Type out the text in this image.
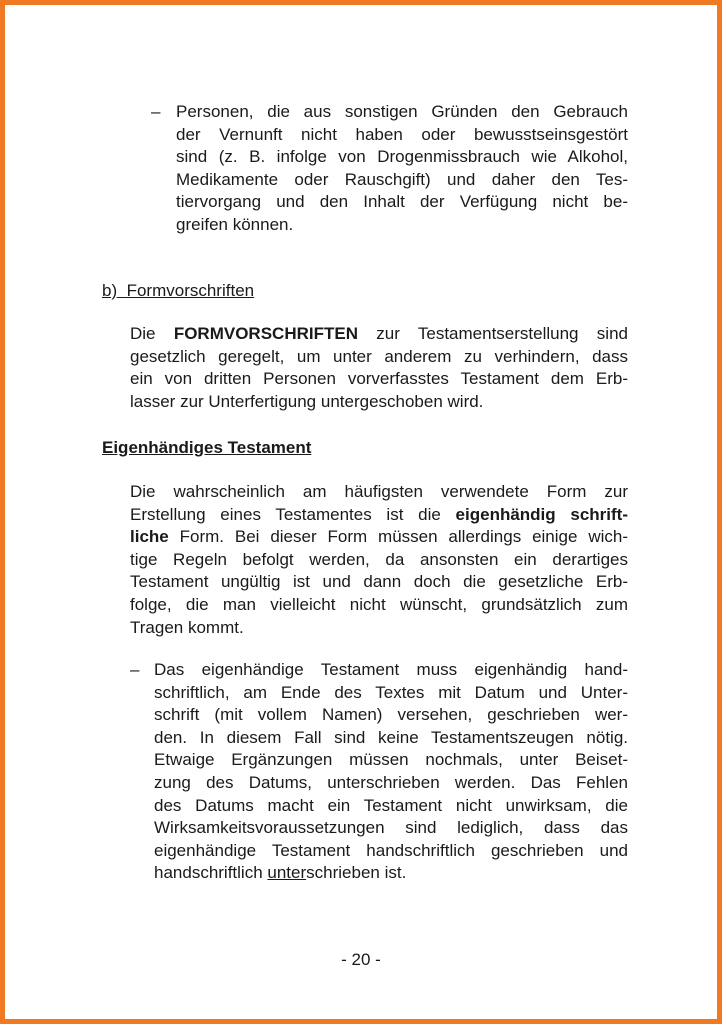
– Personen, die aus sonstigen Gründen den Gebrauch
der Vernunft nicht haben oder bewusstseinsgestört
sind (z. B. infolge von Drogenmissbrauch wie Alkohol,
Medikamente oder Rauschgift) und daher den Tes-
tiervorgang und den Inhalt der Verfügung nicht be-
greifen können.
b) Formvorschriften
Die FORMVORSCHRIFTEN zur Testamentserstellung sind
gesetzlich geregelt, um unter anderem zu verhindern, dass
ein von dritten Personen vorverfasstes Testament dem Erb-
lasser zur Unterfertigung untergeschoben wird.
Eigenhändiges Testament
Die wahrscheinlich am häufigsten verwendete Form zur
Erstellung eines Testamentes ist die eigenhändig schrift-
liche Form. Bei dieser Form müssen allerdings einige wich-
tige Regeln befolgt werden, da ansonsten ein derartiges
Testament ungültig ist und dann doch die gesetzliche Erb-
folge, die man vielleicht nicht wünscht, grundsätzlich zum
Tragen kommt.
– Das eigenhändige Testament muss eigenhändig hand-
schriftlich, am Ende des Textes mit Datum und Unter-
schrift (mit vollem Namen) versehen, geschrieben wer-
den. In diesem Fall sind keine Testamentszeugen nötig.
Etwaige Ergänzungen müssen nochmals, unter Beiset-
zung des Datums, unterschrieben werden. Das Fehlen
des Datums macht ein Testament nicht unwirksam, die
Wirksamkeitsvoraussetzungen sind lediglich, dass das
eigenhändige Testament handschriftlich geschrieben und
handschriftlich unterschrieben ist.
- 20 -
